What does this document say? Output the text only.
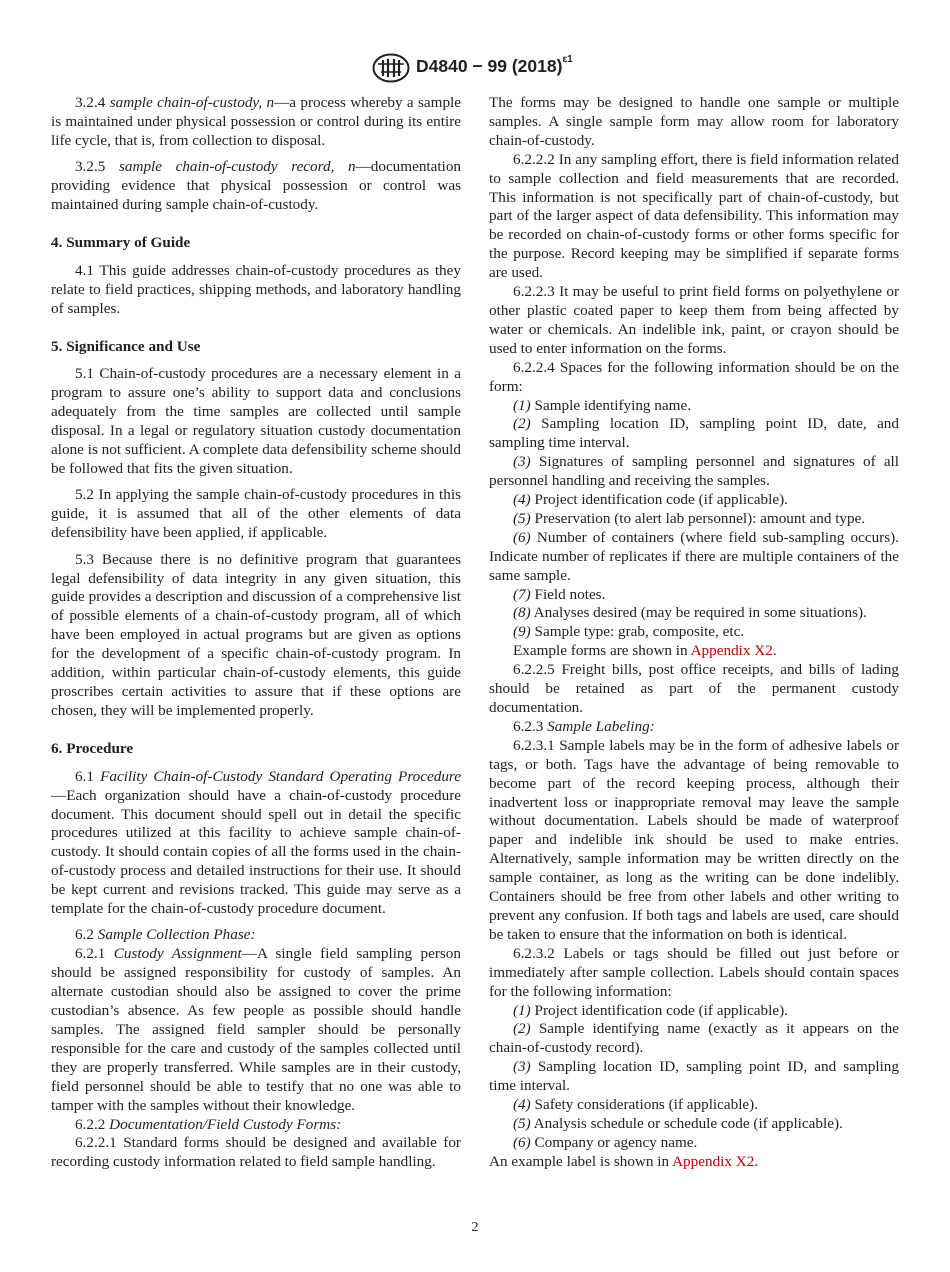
D4840 − 99 $(2018)^{\varepsilon 1}$

3.2.4 sample chain-of-custody, n—a process whereby a sample is maintained under physical possession or control during its entire life cycle, that is, from collection to disposal.

3.2.5 sample chain-of-custody record, n—documentation providing evidence that physical possession or control was maintained during sample chain-of-custody.

4. Summary of Guide

4.1 This guide addresses chain-of-custody procedures as they relate to field practices, shipping methods, and laboratory handling of samples.

5. Significance and Use

5.1 Chain-of-custody procedures are a necessary element in a program to assure one’s ability to support data and conclusions adequately from the time samples are collected until sample disposal. In a legal or regulatory situation custody documentation alone is not sufficient. A complete data defensibility scheme should be followed that fits the given situation.

5.2 In applying the sample chain-of-custody procedures in this guide, it is assumed that all of the other elements of data defensibility have been applied, if applicable.

5.3 Because there is no definitive program that guarantees legal defensibility of data integrity in any given situation, this guide provides a description and discussion of a comprehensive list of possible elements of a chain-of-custody program, all of which have been employed in actual programs but are given as options for the development of a specific chain-of-custody program. In addition, within particular chain-of-custody elements, this guide proscribes certain activities to assure that if these options are chosen, they will be implemented properly.

6. Procedure

6.1 Facility Chain-of-Custody Standard Operating Procedure—Each organization should have a chain-of-custody procedure document. This document should spell out in detail the specific procedures utilized at this facility to achieve sample chain-of-custody. It should contain copies of all the forms used in the chain-of-custody process and detailed instructions for their use. It should be kept current and revisions tracked. This guide may serve as a template for the chain-of-custody procedure document.

6.2 Sample Collection Phase:

6.2.1 Custody Assignment—A single field sampling person should be assigned responsibility for custody of samples. An alternate custodian should also be assigned to cover the prime custodian’s absence. As few people as possible should handle samples. The assigned field sampler should be personally responsible for the care and custody of the samples collected until they are properly transferred. While samples are in their custody, field personnel should be able to testify that no one was able to tamper with the samples without their knowledge.

6.2.2 Documentation/Field Custody Forms:

6.2.2.1 Standard forms should be designed and available for recording custody information related to field sample handling.

The forms may be designed to handle one sample or multiple samples. A single sample form may allow room for laboratory chain-of-custody.

6.2.2.2 In any sampling effort, there is field information related to sample collection and field measurements that are recorded. This information is not specifically part of chain-of-custody, but part of the larger aspect of data defensibility. This information may be recorded on chain-of-custody forms or other forms specific for the purpose. Record keeping may be simplified if separate forms are used.

6.2.2.3 It may be useful to print field forms on polyethylene or other plastic coated paper to keep them from being affected by water or chemicals. An indelible ink, paint, or crayon should be used to enter information on the forms.

6.2.2.4 Spaces for the following information should be on the form:

(1) Sample identifying name.

(2) Sampling location ID, sampling point ID, date, and sampling time interval.

(3) Signatures of sampling personnel and signatures of all personnel handling and receiving the samples.

(4) Project identification code (if applicable).

(5) Preservation (to alert lab personnel): amount and type.

(6) Number of containers (where field sub-sampling occurs). Indicate number of replicates if there are multiple containers of the same sample.

(7) Field notes.

(8) Analyses desired (may be required in some situations).

(9) Sample type: grab, composite, etc.

Example forms are shown in Appendix X2.

6.2.2.5 Freight bills, post office receipts, and bills of lading should be retained as part of the permanent custody documentation.

6.2.3 Sample Labeling:

6.2.3.1 Sample labels may be in the form of adhesive labels or tags, or both. Tags have the advantage of being removable to become part of the record keeping process, although their inadvertent loss or inappropriate removal may leave the sample without documentation. Labels should be made of waterproof paper and indelible ink should be used to make entries. Alternatively, sample information may be written directly on the sample container, as long as the writing can be done indelibly. Containers should be free from other labels and other writing to prevent any confusion. If both tags and labels are used, care should be taken to ensure that the information on both is identical.

6.2.3.2 Labels or tags should be filled out just before or immediately after sample collection. Labels should contain spaces for the following information:

(1) Project identification code (if applicable).

(2) Sample identifying name (exactly as it appears on the chain-of-custody record).

(3) Sampling location ID, sampling point ID, and sampling time interval.

(4) Safety considerations (if applicable).

(5) Analysis schedule or schedule code (if applicable).

(6) Company or agency name.

An example label is shown in Appendix X2.

2
